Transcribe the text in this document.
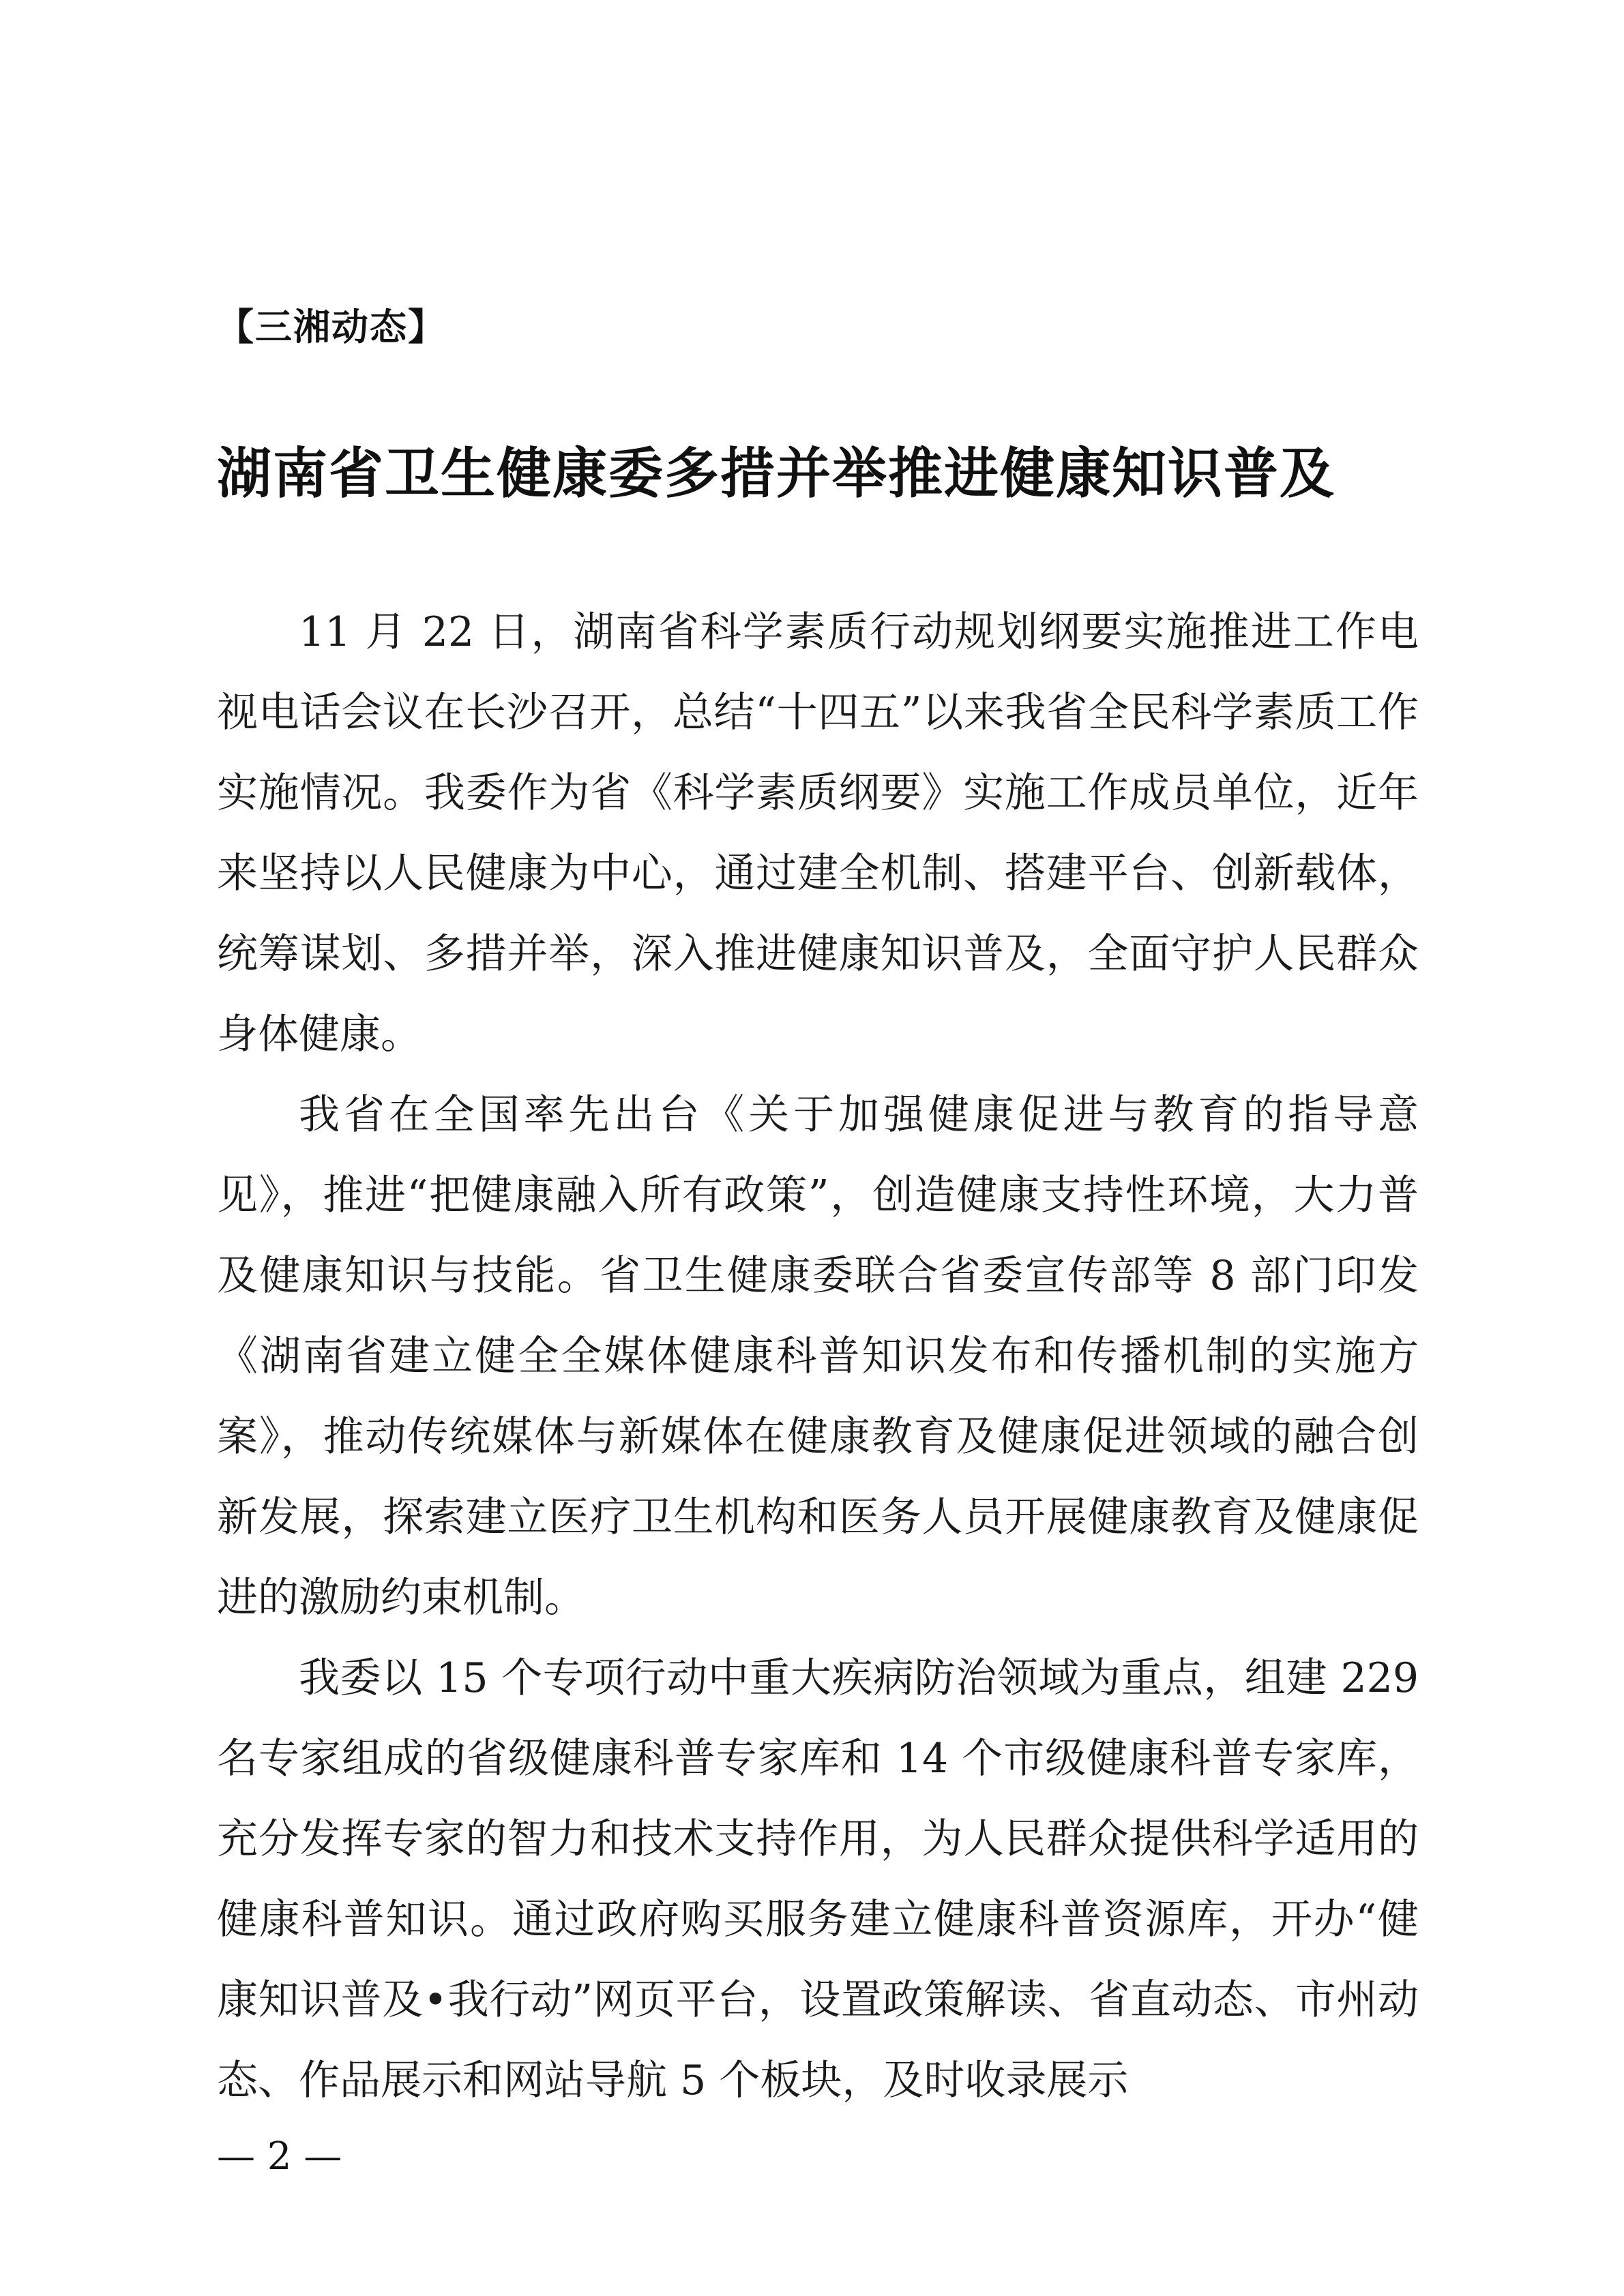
【三湘动态】
湖南省卫生健康委多措并举推进健康知识普及

11 月 22 日，湖南省科学素质行动规划纲要实施推进工作电视电话会议在长沙召开，总结“十四五”以来我省全民科学素质工作实施情况。我委作为省《科学素质纲要》实施工作成员单位，近年来坚持以人民健康为中心，通过建全机制、搭建平台、创新载体，统筹谋划、多措并举，深入推进健康知识普及，全面守护人民群众身体健康。

我省在全国率先出台《关于加强健康促进与教育的指导意见》，推进“把健康融入所有政策”，创造健康支持性环境，大力普及健康知识与技能。省卫生健康委联合省委宣传部等 8 部门印发《湖南省建立健全全媒体健康科普知识发布和传播机制的实施方案》，推动传统媒体与新媒体在健康教育及健康促进领域的融合创新发展，探索建立医疗卫生机构和医务人员开展健康教育及健康促进的激励约束机制。

我委以 15 个专项行动中重大疾病防治领域为重点，组建 229 名专家组成的省级健康科普专家库和 14 个市级健康科普专家库，充分发挥专家的智力和技术支持作用，为人民群众提供科学适用的健康科普知识。通过政府购买服务建立健康科普资源库，开办“健康知识普及•我行动”网页平台，设置政策解读、省直动态、市州动态、作品展示和网站导航 5 个板块，及时收录展示

— 2 —
